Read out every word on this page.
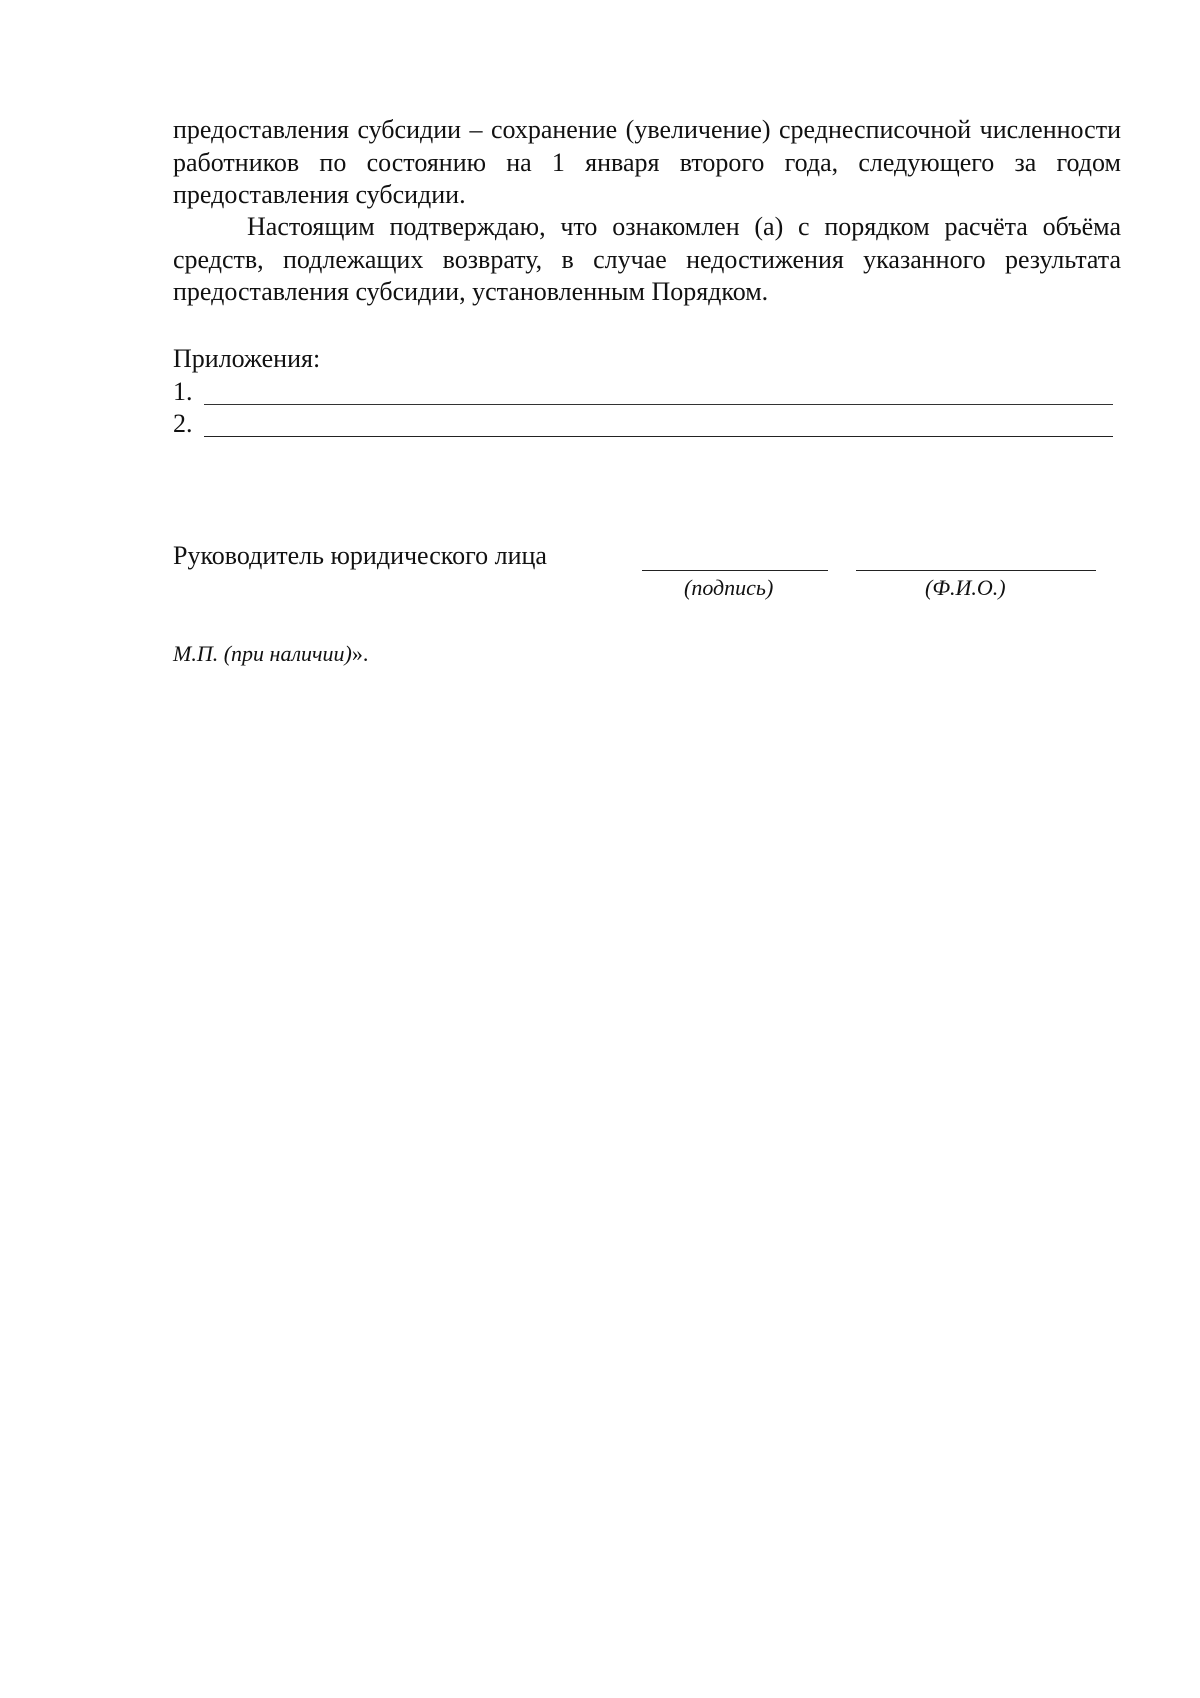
предоставления субсидии – сохранение (увеличение) среднесписочной численности работников по состоянию на 1 января второго года, следующего за годом предоставления субсидии.

Настоящим подтверждаю, что ознакомлен (а) с порядком расчёта объёма средств, подлежащих возврату, в случае недостижения указанного результата предоставления субсидии, установленным Порядком.

Приложения:

1.
2.

Руководитель юридического лица

(подпись)	(Ф.И.О.)

М.П. (при наличии)».
